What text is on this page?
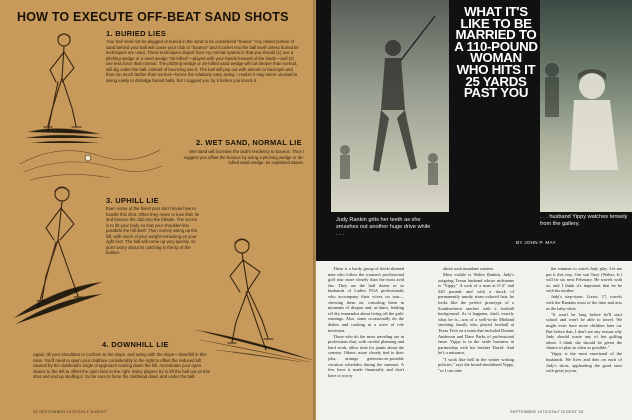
HOW TO EXECUTE OFF-BEAT SAND SHOTS
1. BURIED LIES
Your ball need not be plugged or buried in the sand to be considered "buried." Any raised portion of sand behind your ball will cause your club to "bounce" and ricochet into the ball itself unless buried lie techniques are used. These techniques depart from my normal system in that you should (1) use a pitching wedge or a sand wedge "de-lofted"—played with your hands forward of the blade—and (2) use less force than normal. The pitching wedge or de-lofted sand wedge will cut deeper than normal, will dig under the ball, instead of bouncing into it. The ball will pop out with almost no backspin and thus run much farther than normal—hence the relatively easy swing. I realize it may seem unusual to swing easily to dislodge buried balls, but I suggest you try it before you knock it.
2. WET SAND, NORMAL LIE
Wet sand will increase the club's tendency to bounce. Thus I suggest you offset the bounce by using a pitching wedge or de-lofted sand wedge, as explained above.
3. UPHILL LIE
Even some of the finest pros don't know how to handle this shot. Often they move or lose their lie and bounce the club into the hillside. The secret is to tilt your body so that your shoulder-line parallels the hill itself. Then merely swing up the hill, with much of your weight remaining on your right foot. The ball will come up very quickly, so don't worry about its catching in the lip of the bunker.
4. DOWNHILL LIE
Again, tilt your shoulders to conform to the slope, and swing with the slope—downhill in this case. You'll need to open your clubface considerably to the right to offset the reduced loft caused by the clubhead's angle of approach coming down the hill. Accentuate your open stance to the left to offset the open face to the right. Many players try to lift the ball out on this shot and end up skulling it. So be sure to force the clubhead down and under the ball.
32 SEPTEMBER 1972/GOLF DIGEST
WHAT IT'S LIKE TO BE MARRIED TO A 110-POUND WOMAN WHO HITS IT 25 YARDS PAST YOU
Judy Rankin grits her teeth as she smashes out another huge drive while . . .
. . . husband Yippy watches tensely from the gallery.
BY JOHN P. MAY

There is a hardy group of thick-skinned men who follow the women's professional golf tour more closely than the most avid fan. They are the half dozen or so husbands of Ladies PGA professionals who accompany their wives on tour—cheering them on, consoling them in moments of despair and, at times, fending off dry innuendos about living off the girls' earnings. Also, some occasionally do the dishes and cooking in a wave of role inversion.

Those who do the most traveling are in professions that, with careful planning and hard work, allow time for jaunts about the country. Others, more closely tied to their jobs, arrange generous-as-possible vacation schedules during the summer. A few have it made financially and don't have to worry

about such mundane matters.

Most visible is Walter Rankin, Judy's outgoing Texan husband whose nickname is "Yippy." A rock of a man at 6'-2" and 220 pounds and with a shock of permanently unruly straw-colored hair, he looks like the perfect prototype of a Southwestern rancher with a football background. As it happens, that's exactly what he is—son of a well-to-do Midland ranching family who played football at Texas Tech on a team that included Donnie Anderson and Dave Parks of professional fame. Yippy is in the cattle business in partnership with his brother David. And he's a nuisance.

"I work like hell in the winter writing policies," says the broad-shouldered Yippy, "so I can take

the summer to watch Judy play. Let me put it this way. Our son Tuey (Walter, Jr.) will be six next February. He travels with us, and I think it's important that he be with his mother.

Judy's step-sister, Lizzie, 17, travels with the Rankins most of the time and acts as the baby-sitter.

"It won't be long before he'll start school and won't be able to travel. We might even have more children later on. But before that, I don't see any reason why Judy should waste any of her golfing talent. I think she should be given the chance to play as often as possible."

Yippy is the most emotional of the husbands. He lives and dies on each of Judy's shots, applauding the good ones with great joyous

SEPTEMBER 1972/GOLF DIGEST 33
